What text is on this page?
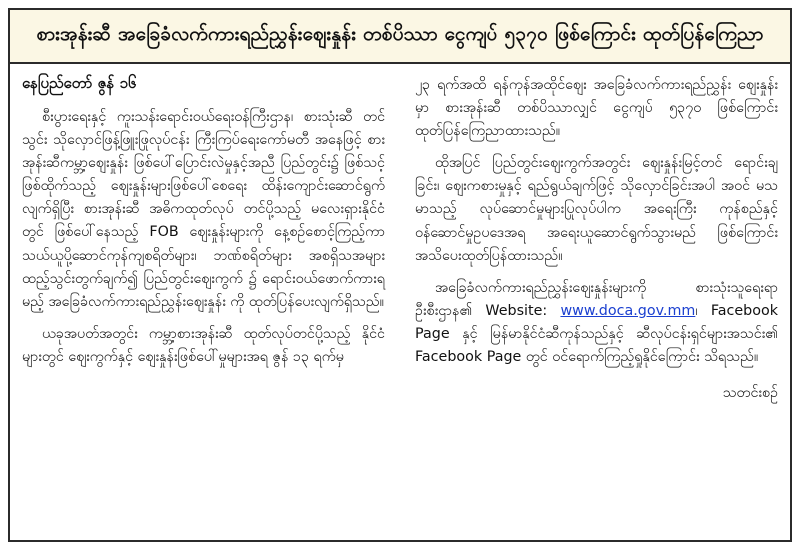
စားအုန်းဆီ အခြေခံလက်ကားရည်ညွှန်းဈေးနှုန်း တစ်ပိဿာ ငွေကျပ် ၅၃၇၀ ဖြစ်ကြောင်း ထုတ်ပြန်ကြေညာ
နေပြည်တော် ဇွန် ၁၆

စီးပွားရေးနှင့် ကူးသန်းရောင်းဝယ်ရေးဝန်ကြီးဌာန၊ စားသုံးဆီ တင်သွင်း သိုလှောင်ဖြန့်ဖြူးဖြုလုပ်ငန်း ကြီးကြပ်ရေးကော်မတီ အနေဖြင့် စားအုန်းဆီကမ္ဘာ့ဈေးနှုန်း ဖြစ်ပေါ်ပြောင်းလဲမှုနှင့်အညီ ပြည်တွင်း၌ ဖြစ်သင့်ဖြစ်ထိုက်သည့် ဈေးနှုန်းများဖြစ်ပေါ်စေရေး ထိန်းကျောင်းဆောင်ရွက်လျက်ရှိပြီး စားအုန်းဆီ အဓိကထုတ်လုပ် တင်ပို့သည့် မလေးရှားနိုင်ငံတွင် ဖြစ်ပေါ်နေသည့် FOB ဈေးနှုန်းများကို နေ့စဉ်စောင့်ကြည့်ကာ သယ်ယူပို့ဆောင်ကုန်ကျစရိတ်များ၊ ဘဏ်စရိတ်များ အစရှိသအများ ထည့်သွင်းတွက်ချက်၍ ပြည်တွင်းဈေးကွက် ၌ ရောင်းဝယ်ဖောက်ကားရမည့် အခြေခံလက်ကားရည်ညွှန်းဈေးနှုန်း ကို ထုတ်ပြန်ပေးလျက်ရှိသည်။

ယခုအပတ်အတွင်း ကမ္ဘာ့စားအုန်းဆီ ထုတ်လုပ်တင်ပို့သည့် နိုင်ငံများတွင် ဈေးကွက်နှင့် ဈေးနှုန်းဖြစ်ပေါ်မှုများအရ ဇွန် ၁၃ ရက်မှ

၂၃ ရက်အထိ ရန်ကုန်အထိုင်ဈေး အခြေခံလက်ကားရည်ညွှန်း ဈေးနှုန်းမှာ စားအုန်းဆီ တစ်ပိဿာလျှင် ငွေကျပ် ၅၃၇၀ ဖြစ်ကြောင်း ထုတ်ပြန်ကြေညာထားသည်။

ထိုအပြင် ပြည်တွင်းဈေးကွက်အတွင်း ဈေးနှုန်းမြင့်တင် ရောင်းချခြင်း၊ ဈေးကစားမှုနှင့် ရည်ရွယ်ချက်ဖြင့် သိုလှောင်ခြင်းအပါ အဝင် မသမာသည့် လုပ်ဆောင်မှုများပြုလုပ်ပါက အရေးကြီး ကုန်စည်နှင့် ဝန်ဆောင်မှုဥပဒေအရ အရေးယူဆောင်ရွက်သွားမည် ဖြစ်ကြောင်း အသိပေးထုတ်ပြန်ထားသည်။

အခြေခံလက်ကားရည်ညွှန်းဈေးနှုန်းများကို စားသုံးသူရေးရာ ဦးစီးဌာန၏ Website: www.doca.gov.mm၊ Facebook Page နှင့် မြန်မာနိုင်ငံဆီကုန်သည်နှင့် ဆီလုပ်ငန်းရှင်များအသင်း၏ Facebook Page တွင် ဝင်ရောက်ကြည့်ရှုနိုင်ကြောင်း သိရသည်။

သတင်းစဉ်
